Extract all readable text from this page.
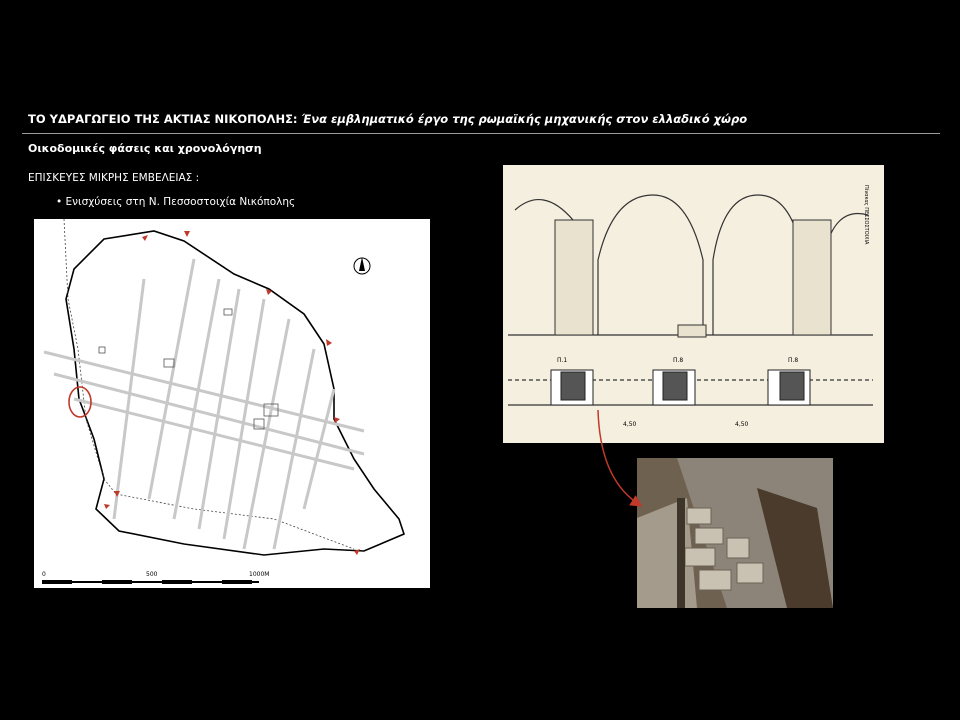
ΤΟ ΥΔΡΑΓΩΓΕΙΟ ΤΗΣ ΑΚΤΙΑΣ ΝΙΚΟΠΟΛΗΣ: Ένα εμβληματικό έργο της ρωμαϊκής μηχανικής στον ελλαδικό χώρο
Οικοδομικές φάσεις και χρονολόγηση
ΕΠΙΣΚΕΥΕΣ ΜΙΚΡΗΣ ΕΜΒΕΛΕΙΑΣ :
• Ενισχύσεις στη Ν. Πεσσοστοιχία Νικόπολης
0	500	1000M
Π.1	Π.8	Π.8
4,50	4,50
Πίνακας ΠΕΣΣΟΣΤΟΙΧΙΑ
